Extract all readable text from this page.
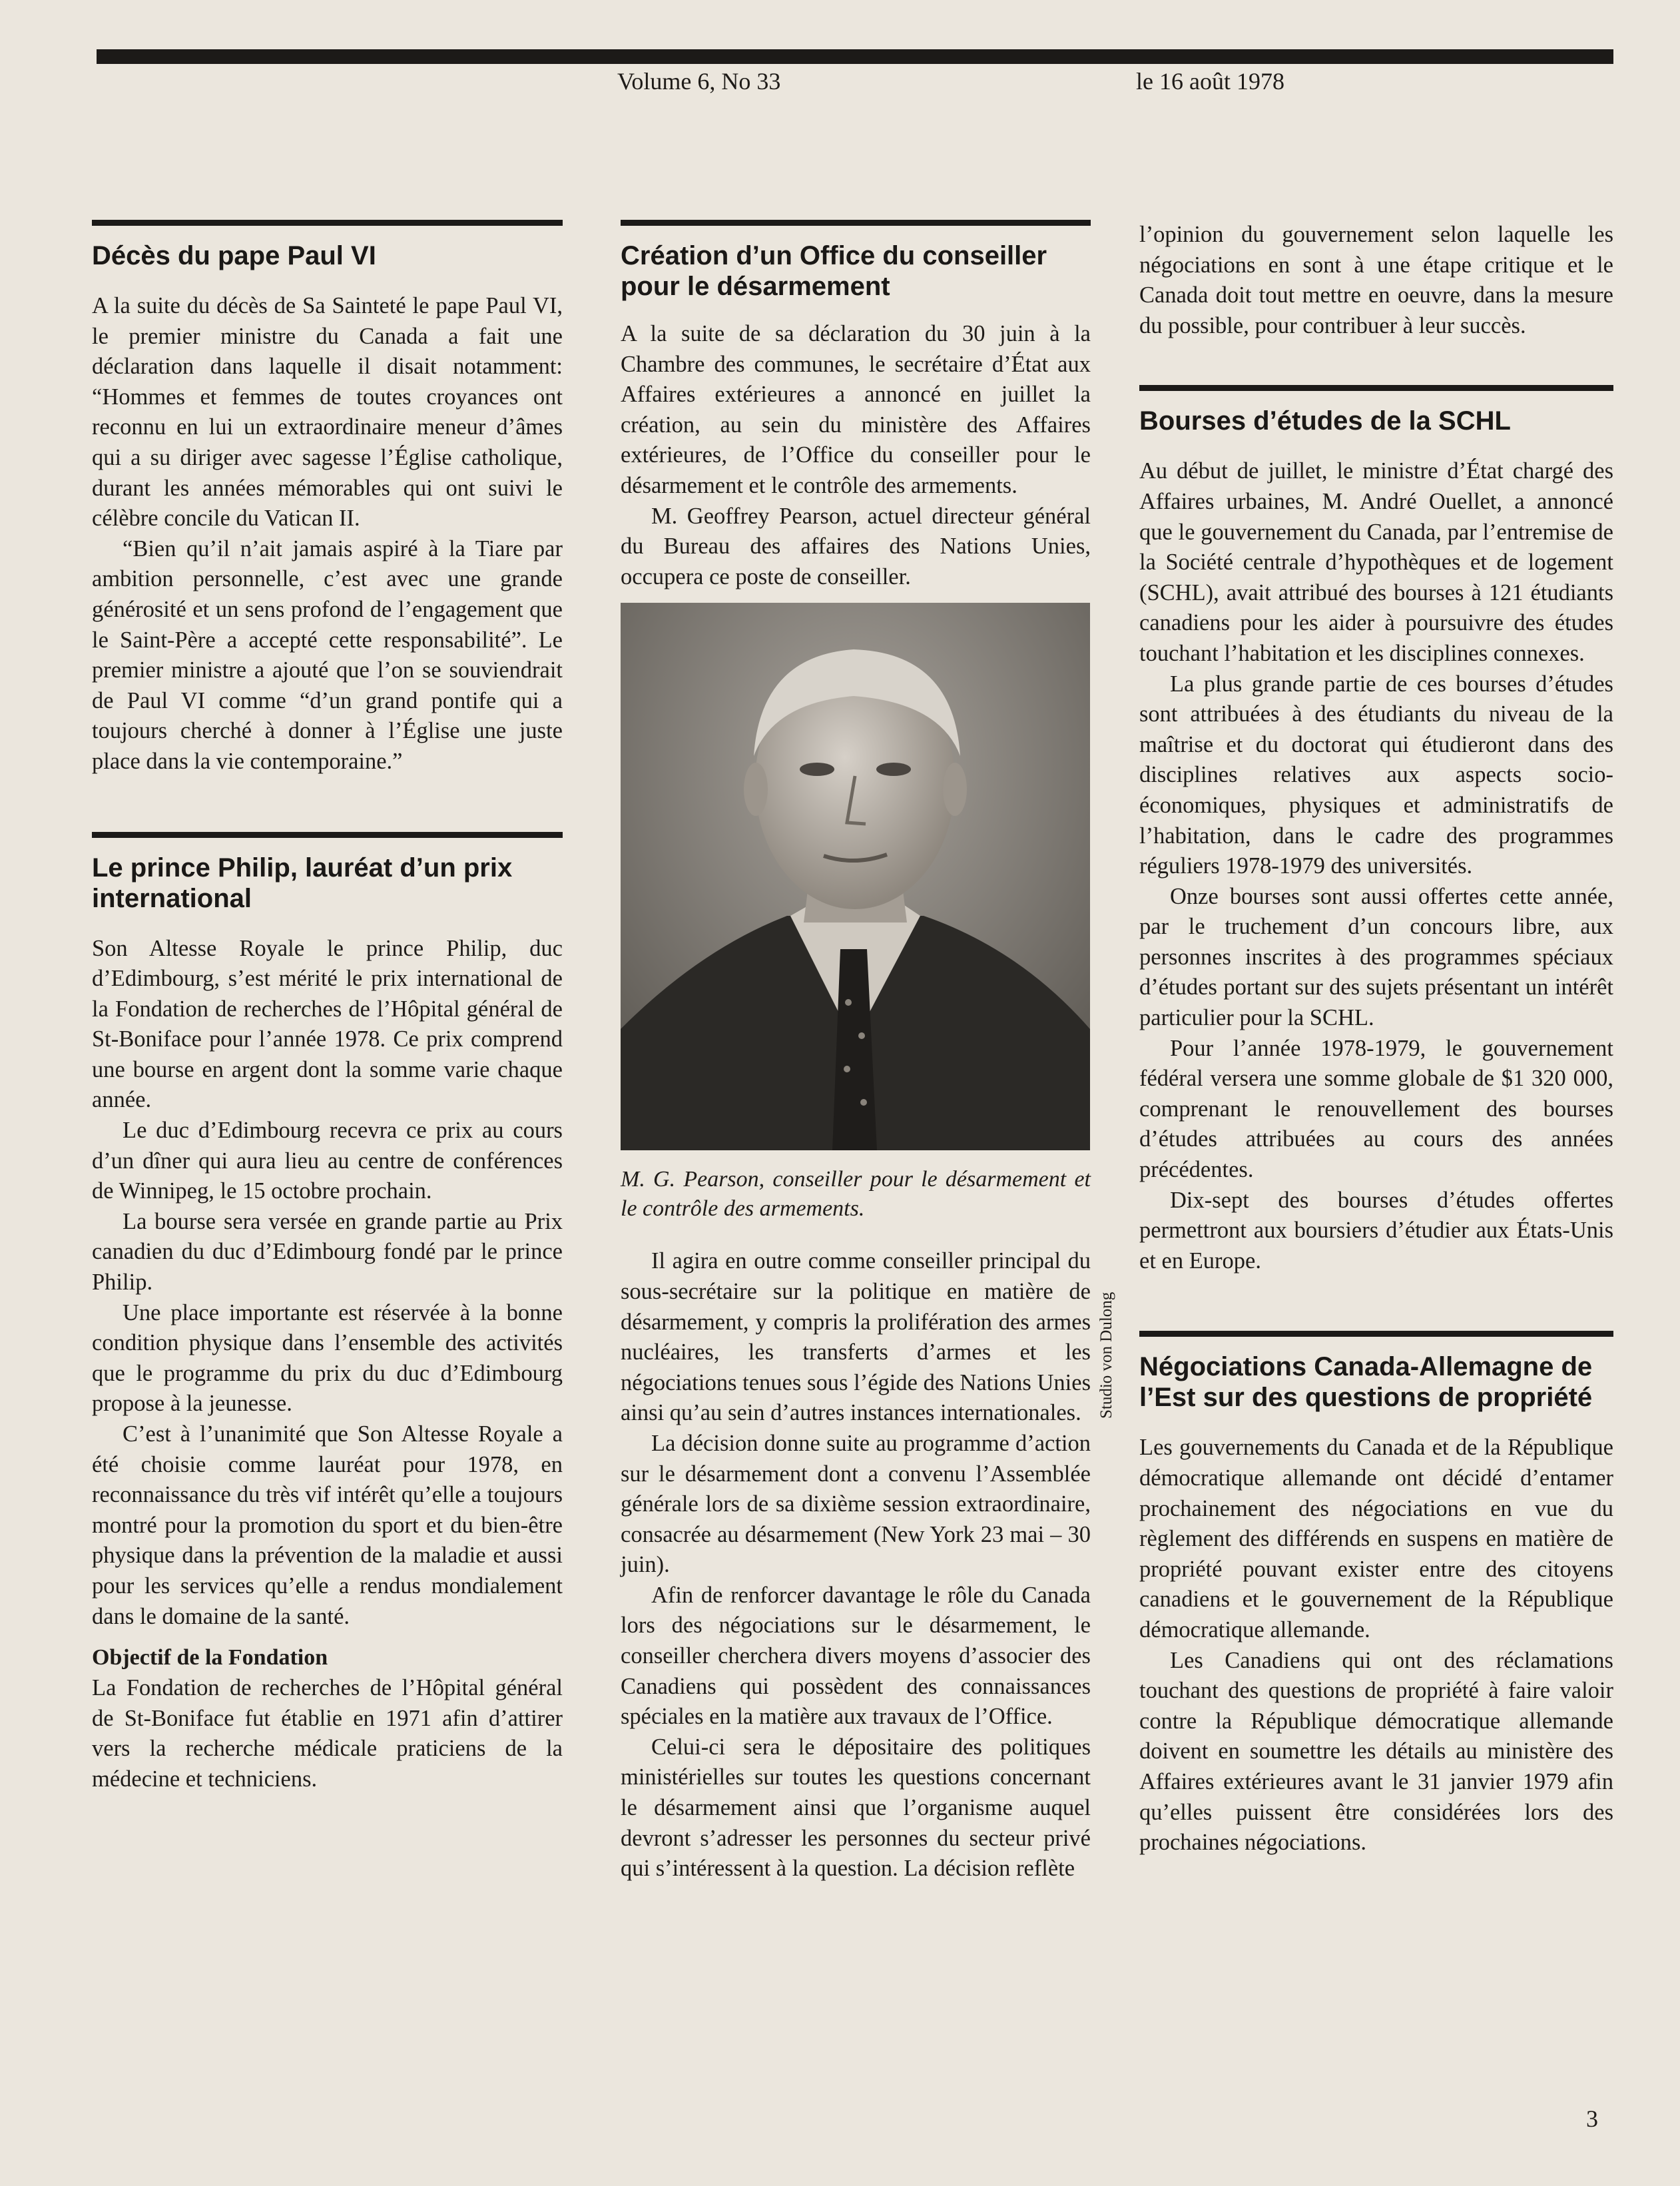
Volume 6, No 33	le 16 août 1978
Décès du pape Paul VI

A la suite du décès de Sa Sainteté le pape Paul VI, le premier ministre du Canada a fait une déclaration dans laquelle il disait notamment: “Hommes et femmes de toutes croyances ont reconnu en lui un extraordinaire meneur d’âmes qui a su diriger avec sagesse l’Église catholique, durant les années mémorables qui ont suivi le célèbre concile du Vatican II.

“Bien qu’il n’ait jamais aspiré à la Tiare par ambition personnelle, c’est avec une grande générosité et un sens profond de l’engagement que le Saint-Père a accepté cette responsabilité”. Le premier ministre a ajouté que l’on se souviendrait de Paul VI comme “d’un grand pontife qui a toujours cherché à donner à l’Église une juste place dans la vie contemporaine.”

Le prince Philip, lauréat d’un prix international

Son Altesse Royale le prince Philip, duc d’Edimbourg, s’est mérité le prix international de la Fondation de recherches de l’Hôpital général de St-Boniface pour l’année 1978. Ce prix comprend une bourse en argent dont la somme varie chaque année.

Le duc d’Edimbourg recevra ce prix au cours d’un dîner qui aura lieu au centre de conférences de Winnipeg, le 15 octobre prochain.

La bourse sera versée en grande partie au Prix canadien du duc d’Edimbourg fondé par le prince Philip.

Une place importante est réservée à la bonne condition physique dans l’ensemble des activités que le programme du prix du duc d’Edimbourg propose à la jeunesse.

C’est à l’unanimité que Son Altesse Royale a été choisie comme lauréat pour 1978, en reconnaissance du très vif intérêt qu’elle a toujours montré pour la promotion du sport et du bien-être physique dans la prévention de la maladie et aussi pour les services qu’elle a rendus mondialement dans le domaine de la santé.

Objectif de la Fondation

La Fondation de recherches de l’Hôpital général de St-Boniface fut établie en 1971 afin d’attirer vers la recherche médicale praticiens de la médecine et techniciens.

Création d’un Office du conseiller pour le désarmement

A la suite de sa déclaration du 30 juin à la Chambre des communes, le secrétaire d’État aux Affaires extérieures a annoncé en juillet la création, au sein du ministère des Affaires extérieures, de l’Office du conseiller pour le désarmement et le contrôle des armements.

M. Geoffrey Pearson, actuel directeur général du Bureau des affaires des Nations Unies, occupera ce poste de conseiller.

Studio von Dulong
M. G. Pearson, conseiller pour le désarmement et le contrôle des armements.

Il agira en outre comme conseiller principal du sous-secrétaire sur la politique en matière de désarmement, y compris la prolifération des armes nucléaires, les transferts d’armes et les négociations tenues sous l’égide des Nations Unies ainsi qu’au sein d’autres instances internationales.

La décision donne suite au programme d’action sur le désarmement dont a convenu l’Assemblée générale lors de sa dixième session extraordinaire, consacrée au désarmement (New York 23 mai – 30 juin).

Afin de renforcer davantage le rôle du Canada lors des négociations sur le désarmement, le conseiller cherchera divers moyens d’associer des Canadiens qui possèdent des connaissances spéciales en la matière aux travaux de l’Office.

Celui-ci sera le dépositaire des politiques ministérielles sur toutes les questions concernant le désarmement ainsi que l’organisme auquel devront s’adresser les personnes du secteur privé qui s’intéressent à la question. La décision reflète

l’opinion du gouvernement selon laquelle les négociations en sont à une étape critique et le Canada doit tout mettre en oeuvre, dans la mesure du possible, pour contribuer à leur succès.

Bourses d’études de la SCHL

Au début de juillet, le ministre d’État chargé des Affaires urbaines, M. André Ouellet, a annoncé que le gouvernement du Canada, par l’entremise de la Société centrale d’hypothèques et de logement (SCHL), avait attribué des bourses à 121 étudiants canadiens pour les aider à poursuivre des études touchant l’habitation et les disciplines connexes.

La plus grande partie de ces bourses d’études sont attribuées à des étudiants du niveau de la maîtrise et du doctorat qui étudieront dans des disciplines relatives aux aspects socio-économiques, physiques et administratifs de l’habitation, dans le cadre des programmes réguliers 1978-1979 des universités.

Onze bourses sont aussi offertes cette année, par le truchement d’un concours libre, aux personnes inscrites à des programmes spéciaux d’études portant sur des sujets présentant un intérêt particulier pour la SCHL.

Pour l’année 1978-1979, le gouvernement fédéral versera une somme globale de $1 320 000, comprenant le renouvellement des bourses d’études attribuées au cours des années précédentes.

Dix-sept des bourses d’études offertes permettront aux boursiers d’étudier aux États-Unis et en Europe.

Négociations Canada-Allemagne de l’Est sur des questions de propriété

Les gouvernements du Canada et de la République démocratique allemande ont décidé d’entamer prochainement des négociations en vue du règlement des différends en suspens en matière de propriété pouvant exister entre des citoyens canadiens et le gouvernement de la République démocratique allemande.

Les Canadiens qui ont des réclamations touchant des questions de propriété à faire valoir contre la République démocratique allemande doivent en soumettre les détails au ministère des Affaires extérieures avant le 31 janvier 1979 afin qu’elles puissent être considérées lors des prochaines négociations.

3
